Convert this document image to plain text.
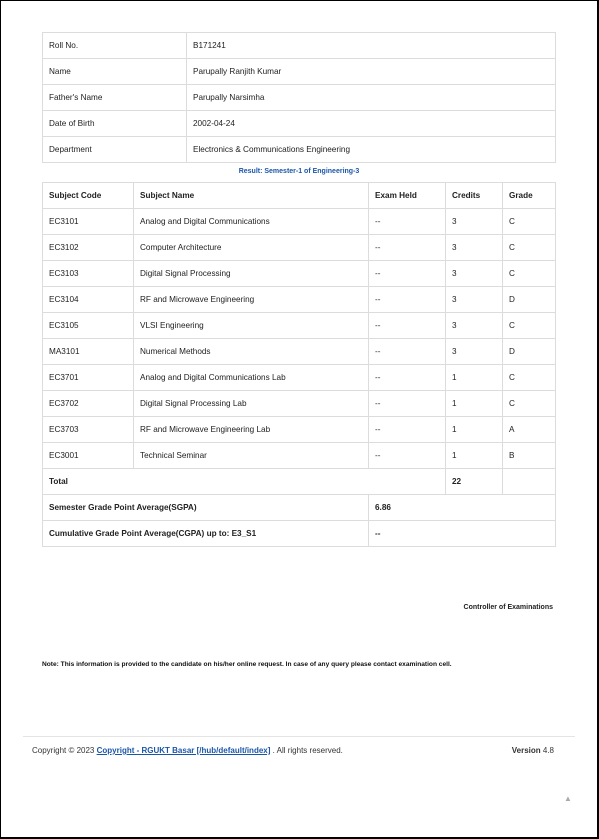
Roll No.	B171241
Name	Parupally Ranjith Kumar
Father's Name	Parupally Narsimha
Date of Birth	2002-04-24
Department	Electronics & Communications Engineering
Result: Semester-1 of Engineering-3
Subject Code	Subject Name	Exam Held	Credits	Grade
EC3101	Analog and Digital Communications	--	3	C
EC3102	Computer Architecture	--	3	C
EC3103	Digital Signal Processing	--	3	C
EC3104	RF and Microwave Engineering	--	3	D
EC3105	VLSI Engineering	--	3	C
MA3101	Numerical Methods	--	3	D
EC3701	Analog and Digital Communications Lab	--	1	C
EC3702	Digital Signal Processing Lab	--	1	C
EC3703	RF and Microwave Engineering Lab	--	1	A
EC3001	Technical Seminar	--	1	B
Total			22	
Semester Grade Point Average(SGPA)		6.86		
Cumulative Grade Point Average(CGPA) up to: E3_S1		--		
Controller of Examinations
Note: This information is provided to the candidate on his/her online request. In case of any query please contact examination cell.
Copyright © 2023 Copyright - RGUKT Basar [/hub/default/index] . All rights reserved.	Version 4.8
▲
